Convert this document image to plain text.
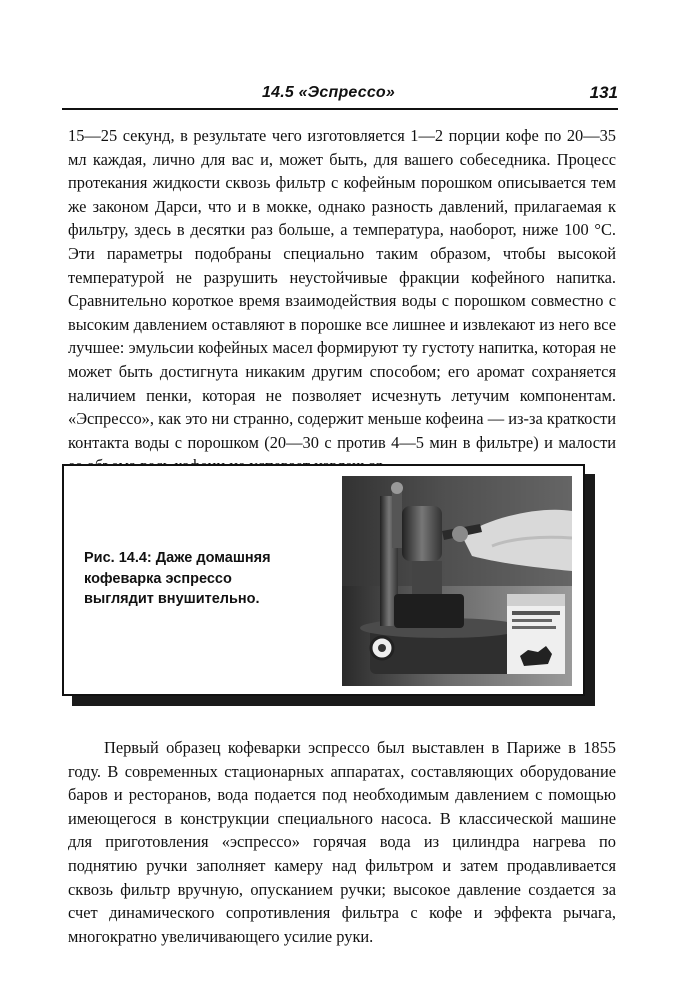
14.5 «Эспрессо»	131

15—25 секунд, в результате чего изготовляется 1—2 порции кофе по 20—35 мл каждая, лично для вас и, может быть, для вашего собеседника. Процесс протекания жидкости сквозь фильтр с кофейным порошком описывается тем же законом Дарси, что и в мокке, однако разность давлений, прилагаемая к фильтру, здесь в десятки раз больше, а температура, наоборот, ниже 100 °С. Эти параметры подобраны специально таким образом, чтобы высокой температурой не разрушить неустойчивые фракции кофейного напитка. Сравнительно короткое время взаимодействия воды с порошком совместно с высоким давлением оставляют в порошке все лишнее и извлекают из него все лучшее: эмульсии кофейных масел формируют ту густоту напитка, которая не может быть достигнута никаким другим способом; его аромат сохраняется наличием пенки, которая не позволяет исчезнуть летучим компонентам. «Эспрессо», как это ни странно, содержит меньше кофеина — из-за краткости контакта воды с порошком (20—30 с против 4—5 мин в фильтре) и малости

Рис. 14.4: Даже домашняя кофеварка эспрессо выглядит внушительно.

Первый образец кофеварки эспрессо был выставлен в Париже в 1855 году. В современных стационарных аппаратах, составляющих оборудование баров и ресторанов, вода подается под необходимым давлением с помощью имеющегося в конструкции специального насоса. В классической машине для приготовления «эспрессо» горячая вода из цилиндра нагрева по поднятию ручки заполняет камеру над фильтром и затем продавливается сквозь фильтр вручную, опусканием ручки; высокое давление создается за счет динамического сопротивления фильтра с кофе и эффекта рычага, многократно увеличивающего усилие руки.
